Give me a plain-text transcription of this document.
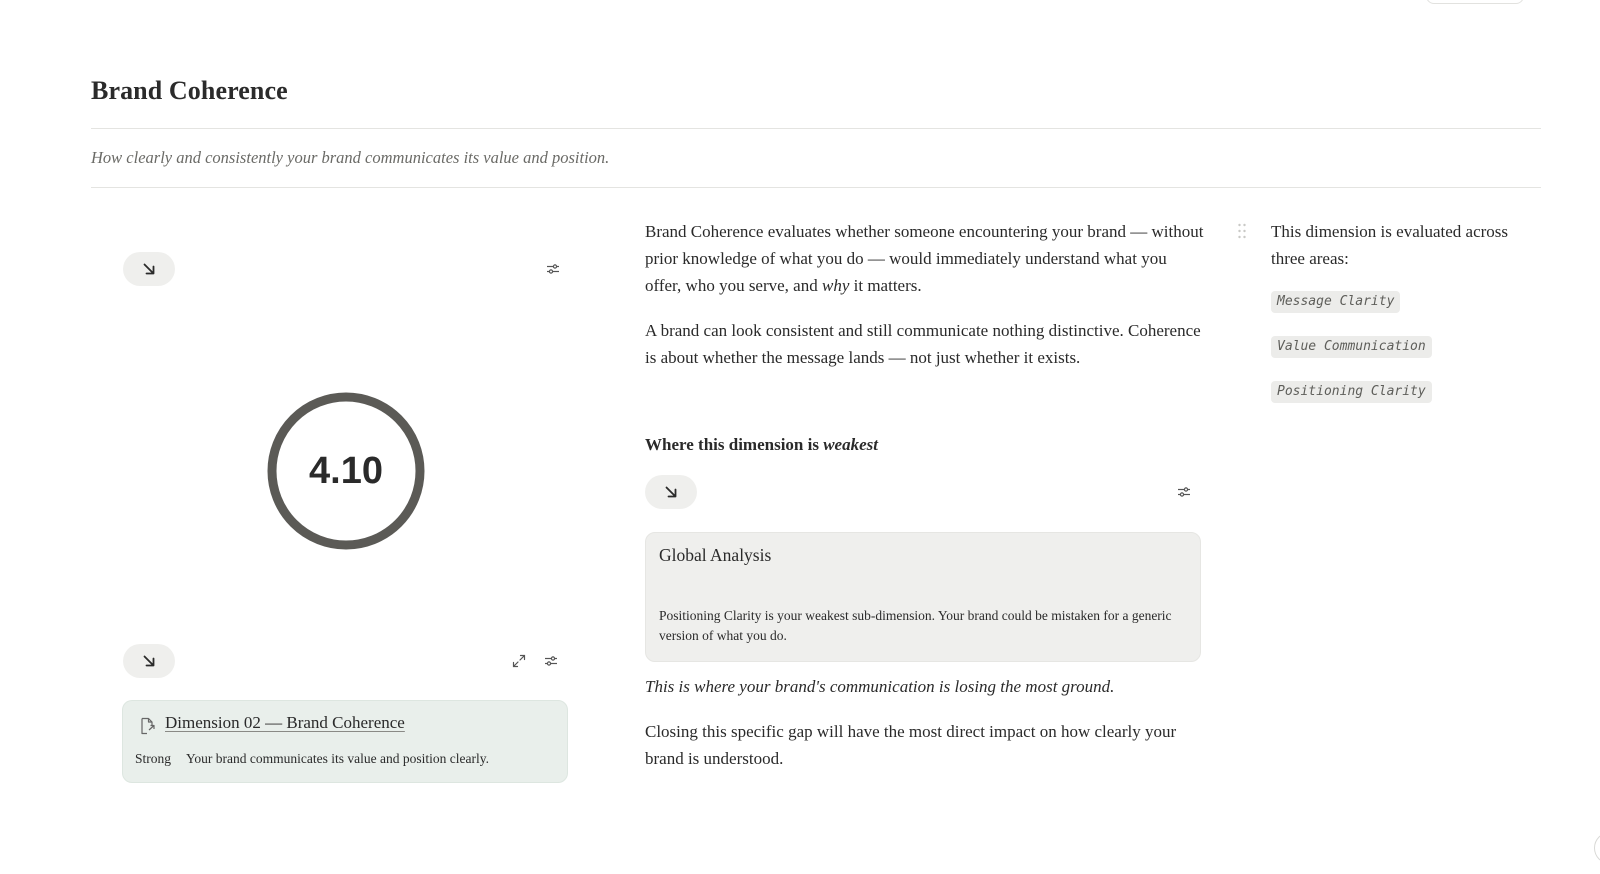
Brand Coherence

How clearly and consistently your brand communicates its value and position.

4.10
Dimension 02 — Brand Coherence
Strong Your brand communicates its value and position clearly.

Brand Coherence evaluates whether someone encountering your brand — without prior knowledge of what you do — would immediately understand what you offer, who you serve, and why it matters.

A brand can look consistent and still communicate nothing distinctive. Coherence is about whether the message lands — not just whether it exists.

Where this dimension is weakest
Global Analysis
Positioning Clarity is your weakest sub-dimension. Your brand could be mistaken for a generic version of what you do.

This is where your brand's communication is losing the most ground.

Closing this specific gap will have the most direct impact on how clearly your brand is understood.

This dimension is evaluated across three areas:

Message Clarity
Value Communication
Positioning Clarity
